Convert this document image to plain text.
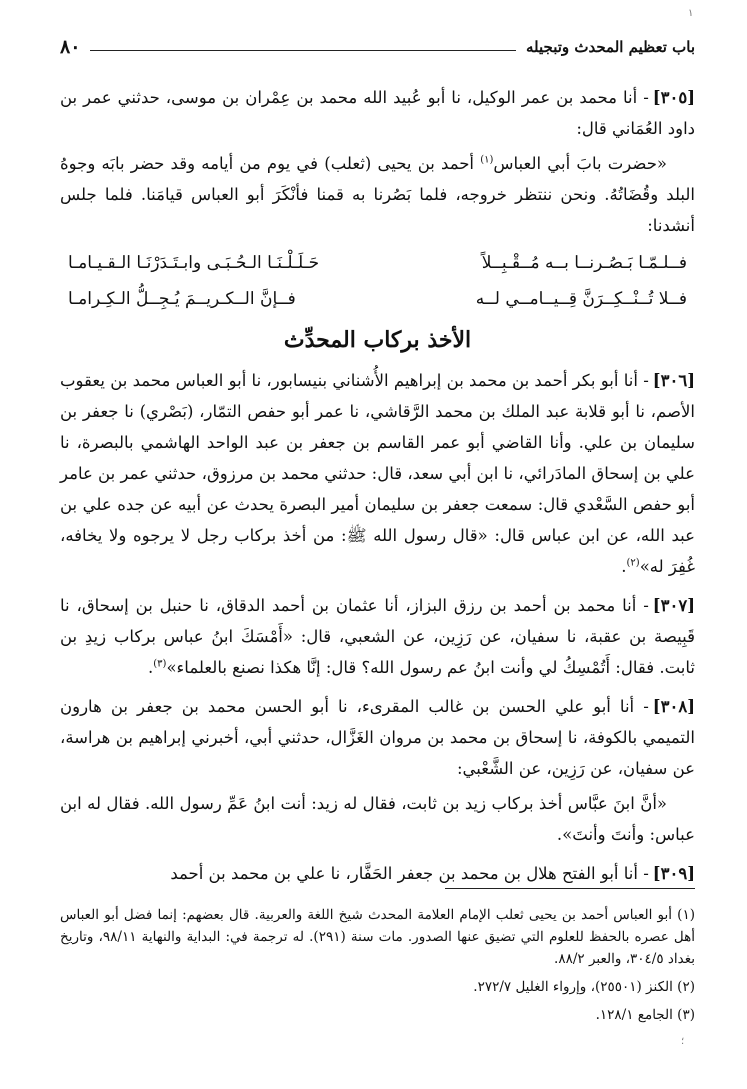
١
باب تعظيم المحدث وتبجيله
٨٠

[٣٠٥]- أنا محمد بن عمر الوكيل، نا أبو عُبيد الله محمد بن عِمْران بن موسى، حدثني عمر بن داود العُمَاني قال:

«حضرت بابَ أبي العباس$^{(١)}$ أحمد بن يحيى (ثعلب) في يوم من أيامه وقد حضر بابَه وجوهُ البلد وقُضَاتُهُ. ونحن ننتظر خروجه، فلما بَصُرنا به قمنا فأنْكَرَ أبو العباس قيامَنا. فلما جلس أنشدنا:

فــلـمّـا بَـصُـرنــا بــه مُــقْـبِــلاً
حَـلَـلْـنَـا الـحُـبَـى وابـتَـدَرْنَـا الـقـيـامـا
فــلا تُــنْــكِــرَنَّ قِــيــامــي لــه
فــإنَّ الــكـريــمَ يُـجِــلُّ الـكِـرامـا
الأخذ بركاب المحدِّث

[٣٠٦]- أنا أبو بكر أحمد بن محمد بن إبراهيم الأُشناني بنيسابور، نا أبو العباس محمد بن يعقوب الأصم، نا أبو قلابة عبد الملك بن محمد الرَّقاشي، نا عمر أبو حفص التمّار، (بَصْري) نا جعفر بن سليمان بن علي. وأنا القاضي أبو عمر القاسم بن جعفر بن عبد الواحد الهاشمي بالبصرة، نا علي بن إسحاق المادَرائي، نا ابن أبي سعد، قال: حدثني محمد بن مرزوق، حدثني عمر بن عامر أبو حفص السَّعْدي قال: سمعت جعفر بن سليمان أمير البصرة يحدث عن أبيه عن جده علي بن عبد الله، عن ابن عباس قال: «قال رسول الله ﷺ: من أخذ بركاب رجل لا يرجوه ولا يخافه، غُفِرَ له»$^{(٢)}$.

[٣٠٧]- أنا محمد بن أحمد بن رزق البزاز، أنا عثمان بن أحمد الدقاق، نا حنبل بن إسحاق، نا قَبِيصة بن عقبة، نا سفيان، عن رَزِين، عن الشعبي، قال: «أَمْسَكَ ابنُ عباس بركاب زيدِ بن ثابت. فقال: أَتُمْسِكُ لي وأنت ابنُ عم رسول الله؟ قال: إنَّا هكذا نصنع بالعلماء»$^{(٣)}$.

[٣٠٨]- أنا أبو علي الحسن بن غالب المقرىء، نا أبو الحسن محمد بن جعفر بن هارون التميمي بالكوفة، نا إسحاق بن محمد بن مروان الغَزَّال، حدثني أبي، أخبرني إبراهيم بن هراسة، عن سفيان، عن رَزِين، عن الشَّعْبي:

«أنَّ ابنَ عبَّاس أخذ بركاب زيد بن ثابت، فقال له زيد: أنت ابنُ عَمِّ رسول الله. فقال له ابن عباس: وأنتَ وأنتَ».

[٣٠٩]- أنا أبو الفتح هلال بن محمد بن جعفر الحَفَّار، نا علي بن محمد بن أحمد

(١) أبو العباس أحمد بن يحيى ثعلب الإمام العلامة المحدث شيخ اللغة والعربية. قال بعضهم: إنما فضل أبو العباس أهل عصره بالحفظ للعلوم التي تضيق عنها الصدور. مات سنة (٢٩١). له ترجمة في: البداية والنهاية ٩٨/١١، وتاريخ بغداد ٣٠٤/٥، والعبر ٨٨/٢.

(٢) الكنز (٢٥٥٠١)، وإرواء الغليل ٢٧٢/٧.

(٣) الجامع ١٢٨/١.

؛
